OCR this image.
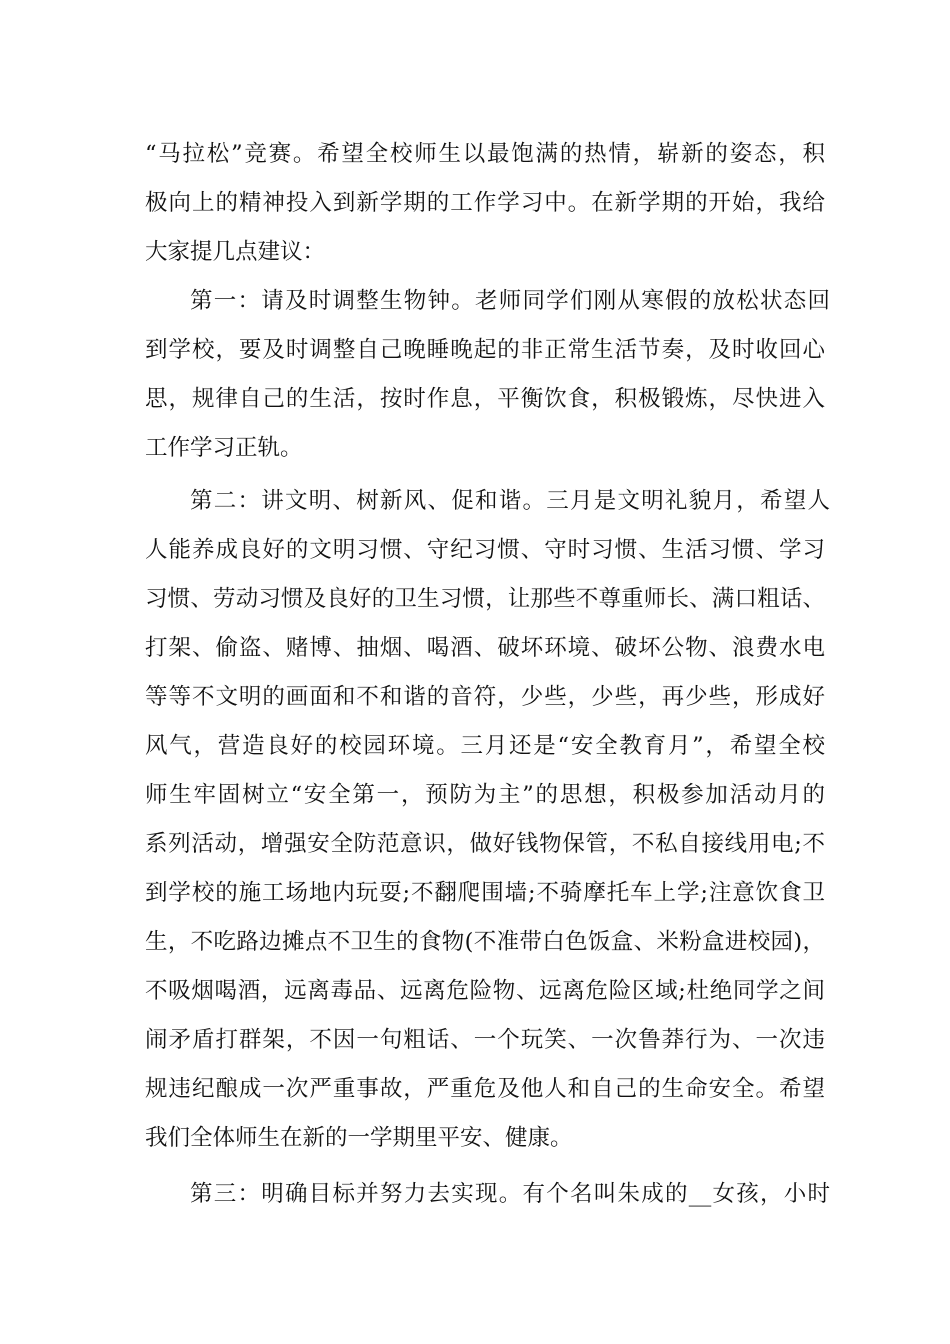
“马拉松”竞赛。希望全校师生以最饱满的热情，崭新的姿态，积
极向上的精神投入到新学期的工作学习中。在新学期的开始，我给
大家提几点建议：
第一：请及时调整生物钟。老师同学们刚从寒假的放松状态回
到学校，要及时调整自己晚睡晚起的非正常生活节奏，及时收回心
思，规律自己的生活，按时作息，平衡饮食，积极锻炼，尽快进入
工作学习正轨。
第二：讲文明、树新风、促和谐。三月是文明礼貌月，希望人
人能养成良好的文明习惯、守纪习惯、守时习惯、生活习惯、学习
习惯、劳动习惯及良好的卫生习惯，让那些不尊重师长、满口粗话、
打架、偷盗、赌博、抽烟、喝酒、破坏环境、破坏公物、浪费水电
等等不文明的画面和不和谐的音符，少些，少些，再少些，形成好
风气，营造良好的校园环境。三月还是“安全教育月”，希望全校
师生牢固树立“安全第一，预防为主”的思想，积极参加活动月的
系列活动，增强安全防范意识，做好钱物保管，不私自接线用电;不
到学校的施工场地内玩耍;不翻爬围墙;不骑摩托车上学;注意饮食卫
生，不吃路边摊点不卫生的食物(不准带白色饭盒、米粉盒进校园)，
不吸烟喝酒，远离毒品、远离危险物、远离危险区域;杜绝同学之间
闹矛盾打群架，不因一句粗话、一个玩笑、一次鲁莽行为、一次违
规违纪酿成一次严重事故，严重危及他人和自己的生命安全。希望
我们全体师生在新的一学期里平安、健康。
第三：明确目标并努力去实现。有个名叫朱成的__女孩，小时
